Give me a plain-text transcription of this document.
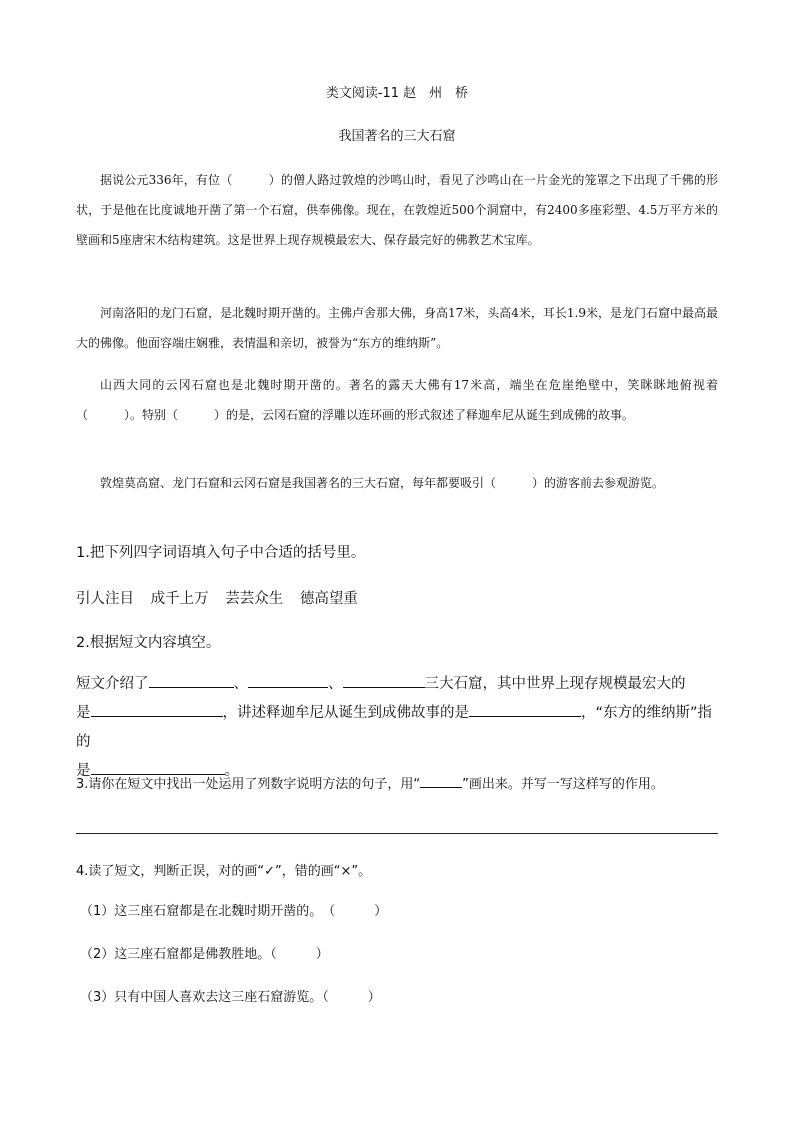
类文阅读-11 赵　州　桥
我国著名的三大石窟

据说公元336年，有位（　　　）的僧人路过敦煌的沙鸣山时，看见了沙鸣山在一片金光的笼罩之下出现了千佛的形状，于是他在比度诚地开凿了第一个石窟，供奉佛像。现在，在敦煌近500个洞窟中，有2400多座彩塑、4.5万平方米的壁画和5座唐宋木结构建筑。这是世界上现存规模最宏大、保存最完好的佛教艺术宝库。

河南洛阳的龙门石窟，是北魏时期开凿的。主佛卢舍那大佛，身高17米，头高4米，耳长1.9米，是龙门石窟中最高最大的佛像。他面容端庄娴雅，表情温和亲切，被誉为“东方的维纳斯”。

山西大同的云冈石窟也是北魏时期开凿的。著名的露天大佛有17米高，端坐在危崖绝壁中，笑眯眯地俯视着（　　　）。特别（　　　）的是，云冈石窟的浮雕以连环画的形式叙述了释迦牟尼从诞生到成佛的故事。

敦煌莫高窟、龙门石窟和云冈石窟是我国著名的三大石窟，每年都要吸引（　　　）的游客前去参观游览。

1.把下列四字词语填入句子中合适的括号里。

引人注目 成千上万 芸芸众生 德高望重

2.根据短文内容填空。

短文介绍了	、	、	三大石窟，其中世界上现存规模最宏大的
是	，讲述释迦牟尼从诞生到成佛故事的是	，“东方的维纳斯”指的
是	。

3.请你在短文中找出一处运用了列数字说明方法的句子，用“	”画出来。并写一写这样写的作用。

4.读了短文，判断正误，对的画“✓”，错的画“×”。

（1）这三座石窟都是在北魏时期开凿的。　（　　　）
（2）这三座石窟都是佛教胜地。（　　　）
（3）只有中国人喜欢去这三座石窟游览。（　　　）
